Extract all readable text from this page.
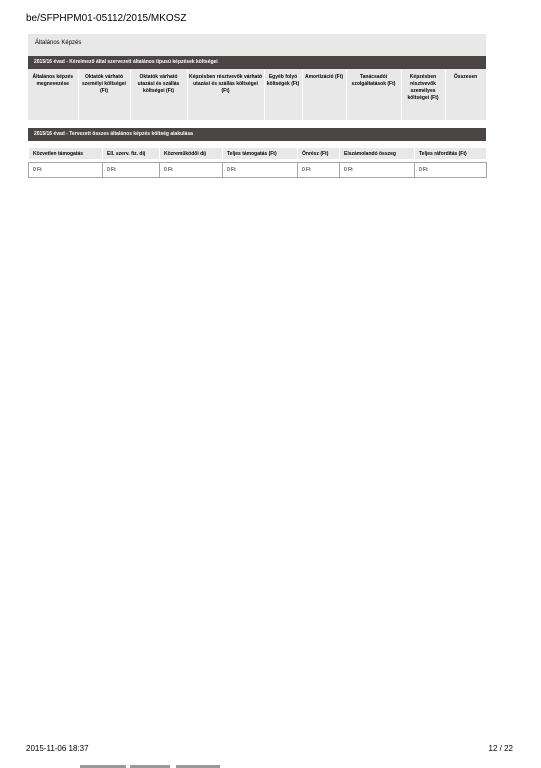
be/SFPHPM01-05112/2015/MKOSZ
Általános Képzés
2015/16 évad - Kérelmező által szervezett általános típusú képzések költségei
Általános képzés megnevezése	Oktatók várható személyi költségei (Ft)	Oktatók várható utazási és szállás költségei (Ft)	Képzésben résztvevők várható utazási és szállás költségei (Ft)	Egyéb folyó költségek (Ft)	Amortizáció (Ft)	Tanácsadói szolgáltatások (Ft)	Képzésben résztvevők személyes költségei (Ft)	Összesen
2015/16 évad - Tervezett összes általános képzés költség alakulása
Közvetlen támogatás	Ell. szerv. fiz. díj	Közreműködői díj	Teljes támogatás (Ft)	Önrész (Ft)	Elszámolandó összeg	Teljes ráfordítás (Ft)
0 Ft	0 Ft	0 Ft	0 Ft	0 Ft	0 Ft	0 Ft
2015-11-06 18:37	12 / 22
